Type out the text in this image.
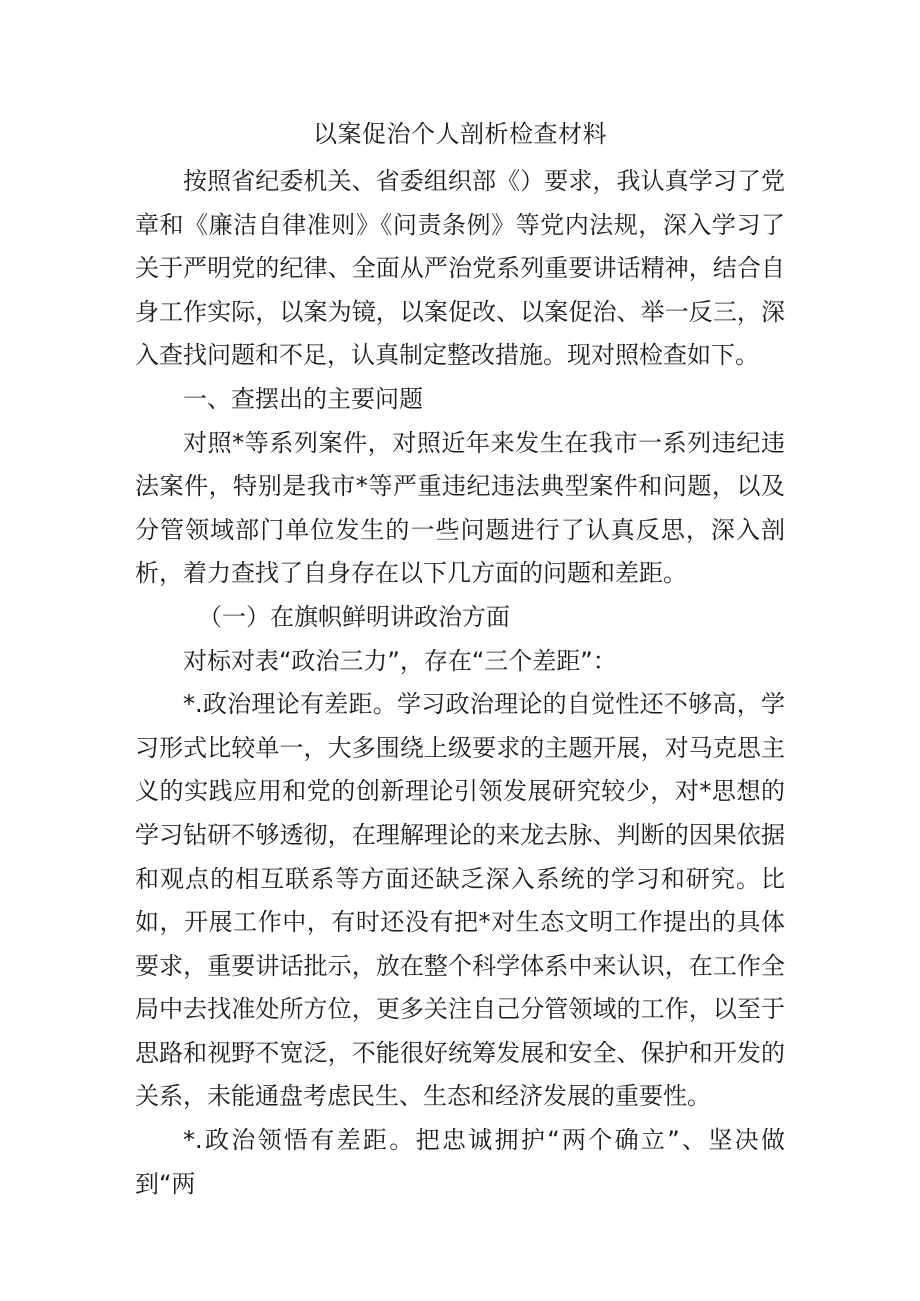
以案促治个人剖析检查材料

按照省纪委机关、省委组织部《）要求，我认真学习了党章和《廉洁自律准则》《问责条例》等党内法规，深入学习了关于严明党的纪律、全面从严治党系列重要讲话精神，结合自身工作实际，以案为镜，以案促改、以案促治、举一反三，深入查找问题和不足，认真制定整改措施。现对照检查如下。

一、查摆出的主要问题

对照*等系列案件，对照近年来发生在我市一系列违纪违法案件，特别是我市*等严重违纪违法典型案件和问题，以及分管领域部门单位发生的一些问题进行了认真反思，深入剖析，着力查找了自身存在以下几方面的问题和差距。

（一）在旗帜鲜明讲政治方面

对标对表“政治三力”，存在“三个差距”：

*.政治理论有差距。学习政治理论的自觉性还不够高，学习形式比较单一，大多围绕上级要求的主题开展，对马克思主义的实践应用和党的创新理论引领发展研究较少，对*思想的学习钻研不够透彻，在理解理论的来龙去脉、判断的因果依据和观点的相互联系等方面还缺乏深入系统的学习和研究。比如，开展工作中，有时还没有把*对生态文明工作提出的具体要求，重要讲话批示，放在整个科学体系中来认识，在工作全局中去找准处所方位，更多关注自己分管领域的工作，以至于思路和视野不宽泛，不能很好统筹发展和安全、保护和开发的关系，未能通盘考虑民生、生态和经济发展的重要性。

*.政治领悟有差距。把忠诚拥护“两个确立”、坚决做到“两
